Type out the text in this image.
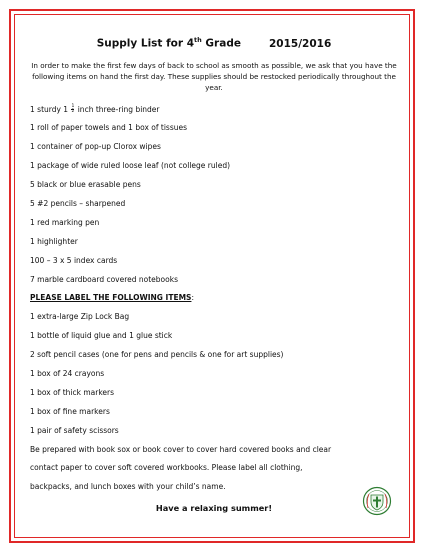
Supply List for 4th Grade	2015/2016

In order to make the first few days of back to school as smooth as possible, we ask that you have the following items on hand the first day. These supplies should be restocked periodically throughout the year.

1 sturdy $1 \frac{1}{2}$ inch three-ring binder
1 roll of paper towels and 1 box of tissues
1 container of pop-up Clorox wipes
1 package of wide ruled loose leaf (not college ruled)
5 black or blue erasable pens
5 #2 pencils – sharpened
1 red marking pen
1 highlighter
100 – 3 x 5 index cards
7 marble cardboard covered notebooks
PLEASE LABEL THE FOLLOWING ITEMS:
1 extra-large Zip Lock Bag
1 bottle of liquid glue and 1 glue stick
2 soft pencil cases (one for pens and pencils & one for art supplies)
1 box of 24 crayons
1 box of thick markers
1 box of fine markers
1 pair of safety scissors
Be prepared with book sox or book cover to cover hard covered books and clear
contact paper to cover soft covered workbooks. Please label all clothing,
backpacks, and lunch boxes with your child’s name.
Have a relaxing summer!
